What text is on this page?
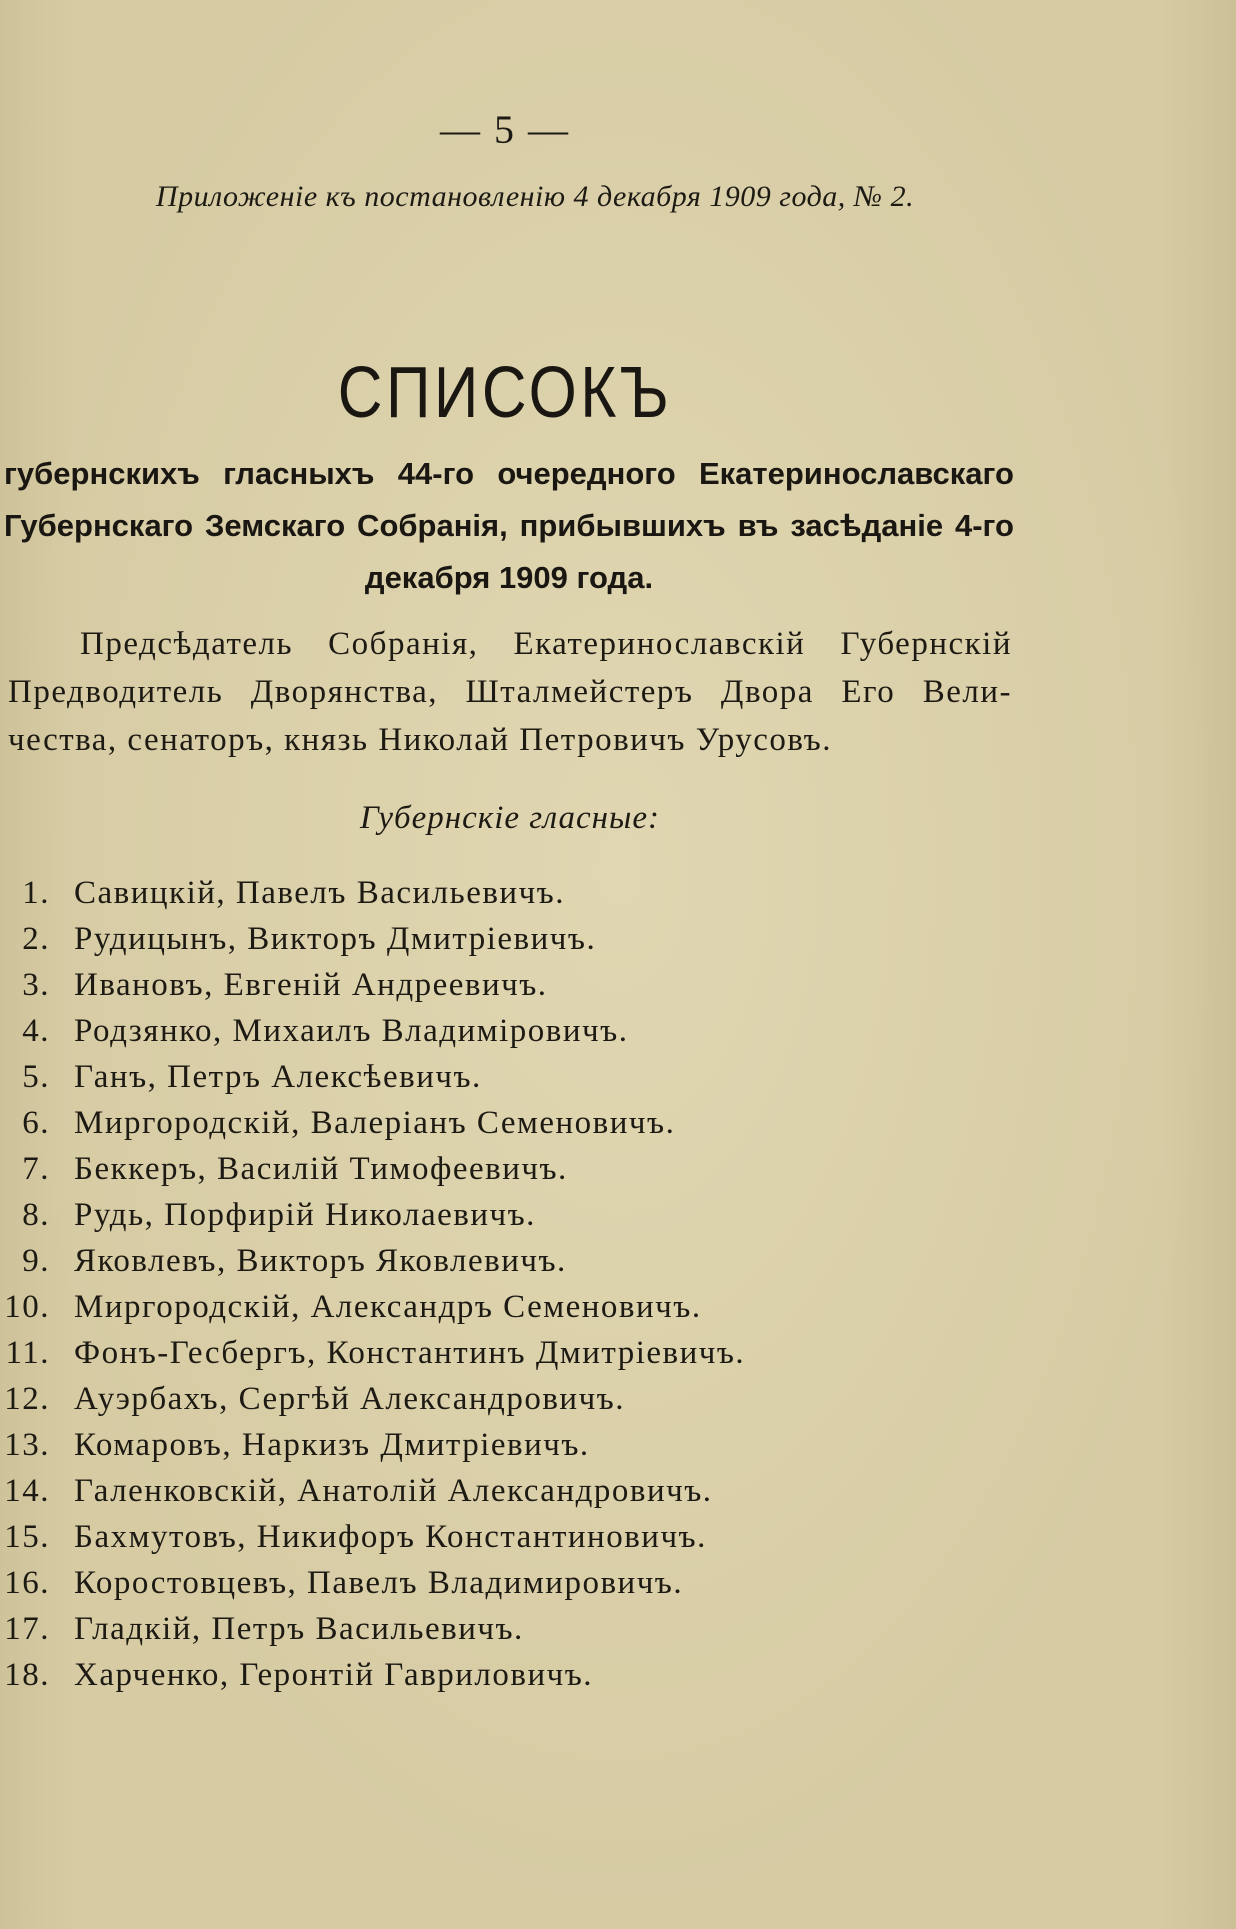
— 5 —
Приложеніе къ постановленію 4 декабря 1909 года, № 2.
СПИСОКЪ
губернскихъ гласныхъ 44-го очередного Екатеринославскаго
Губернскаго Земскаго Собранія, прибывшихъ въ засѣданіе 4-го
декабря 1909 года.
Предсѣдатель Собранія, Екатеринославскій Губернскій
Предводитель Дворянства, Шталмейстеръ Двора Его Вели-
чества, сенаторъ, князь Николай Петровичъ Урусовъ.
Губернскіе гласные:
1. Савицкій, Павелъ Васильевичъ.
2. Рудицынъ, Викторъ Дмитріевичъ.
3. Ивановъ, Евгеній Андреевичъ.
4. Родзянко, Михаилъ Владиміровичъ.
5. Ганъ, Петръ Алексѣевичъ.
6. Миргородскій, Валеріанъ Семеновичъ.
7. Беккеръ, Василій Тимофеевичъ.
8. Рудь, Порфирій Николаевичъ.
9. Яковлевъ, Викторъ Яковлевичъ.
10. Миргородскій, Александръ Семеновичъ.
11. Фонъ-Гесбергъ, Константинъ Дмитріевичъ.
12. Ауэрбахъ, Сергѣй Александровичъ.
13. Комаровъ, Наркизъ Дмитріевичъ.
14. Галенковскій, Анатолій Александровичъ.
15. Бахмутовъ, Никифоръ Константиновичъ.
16. Коростовцевъ, Павелъ Владимировичъ.
17. Гладкій, Петръ Васильевичъ.
18. Харченко, Геронтій Гавриловичъ.
